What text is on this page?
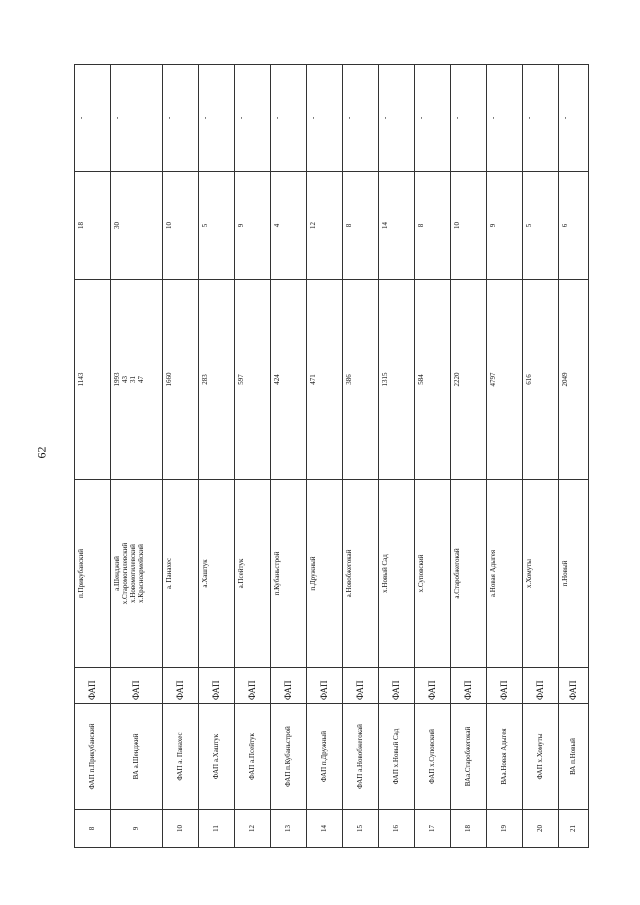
62
8	ФАП п.Прикубанский	ФАП	п.Прикубанский	1143	18	-
9	ВА а.Шенджий	ФАП	а.Шенджий х.Старомогилевский х.Новомогилевский х.Красноармейский	1993 43 31 47	30	-
10	ФАП а. Панахес	ФАП	а. Панахес	1660	10	-
11	ФАП а.Хаштук	ФАП	а.Хаштук	283	5	-
12	ФАП а.Псейтук	ФАП	а.Псейтук	597	9	-
13	ФАП п.Кубаньстрой	ФАП	п.Кубаньстрой	424	4	-
14	ФАП п.Дружный	ФАП	п.Дружный	471	12	-
15	ФАП а.Новобжегокай	ФАП	а.Новобжегокай	386	8	-
16	ФАП х.Новый Сад	ФАП	х.Новый Сад	1315	14	-
17	ФАП х.Суповский	ФАП	х.Суповский	584	8	-
18	ВАа.Старобжегокай	ФАП	а.Старобжегокай	2220	10	-
19	ВАа.Новая Адыгея	ФАП	а.Новая Адыгея	4797	9	-
20	ФАП х.Хомуты	ФАП	х.Хомуты	616	5	-
21	ВА п.Новый	ФАП	п.Новый	2049	6	-
